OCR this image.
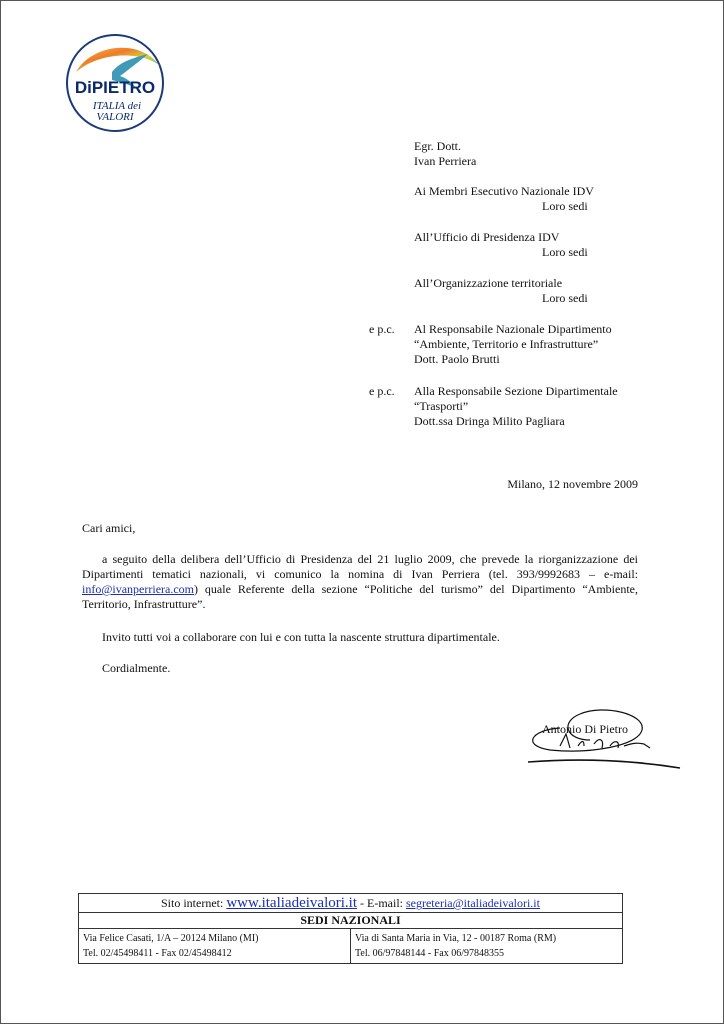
DiPIETRO
ITALIA dei
VALORI
Egr. Dott.
Ivan Perriera
Ai Membri Esecutivo Nazionale IDV
Loro sedi
All’Ufficio di Presidenza IDV
Loro sedi
All’Organizzazione territoriale
Loro sedi
e p.c. Al Responsabile Nazionale Dipartimento
“Ambiente, Territorio e Infrastrutture”
Dott. Paolo Brutti
e p.c. Alla Responsabile Sezione Dipartimentale
“Trasporti”
Dott.ssa Dringa Milito Pagliara
Milano, 12 novembre 2009
Cari amici,
a seguito della delibera dell’Ufficio di Presidenza del 21 luglio 2009, che prevede la riorganizzazione dei Dipartimenti tematici nazionali, vi comunico la nomina di Ivan Perriera (tel. 393/9992683 – e-mail: info@ivanperriera.com) quale Referente della sezione “Politiche del turismo” del Dipartimento “Ambiente, Territorio, Infrastrutture”.
Invito tutti voi a collaborare con lui e con tutta la nascente struttura dipartimentale.
Cordialmente.
Antonio Di Pietro
Sito internet: www.italiadeivalori.it - E-mail: segreteria@italiadeivalori.it
SEDI NAZIONALI
Via Felice Casati, 1/A – 20124 Milano (MI)
Tel. 02/45498411 - Fax 02/45498412
Via di Santa Maria in Via, 12 - 00187 Roma (RM)
Tel. 06/97848144 - Fax 06/97848355
